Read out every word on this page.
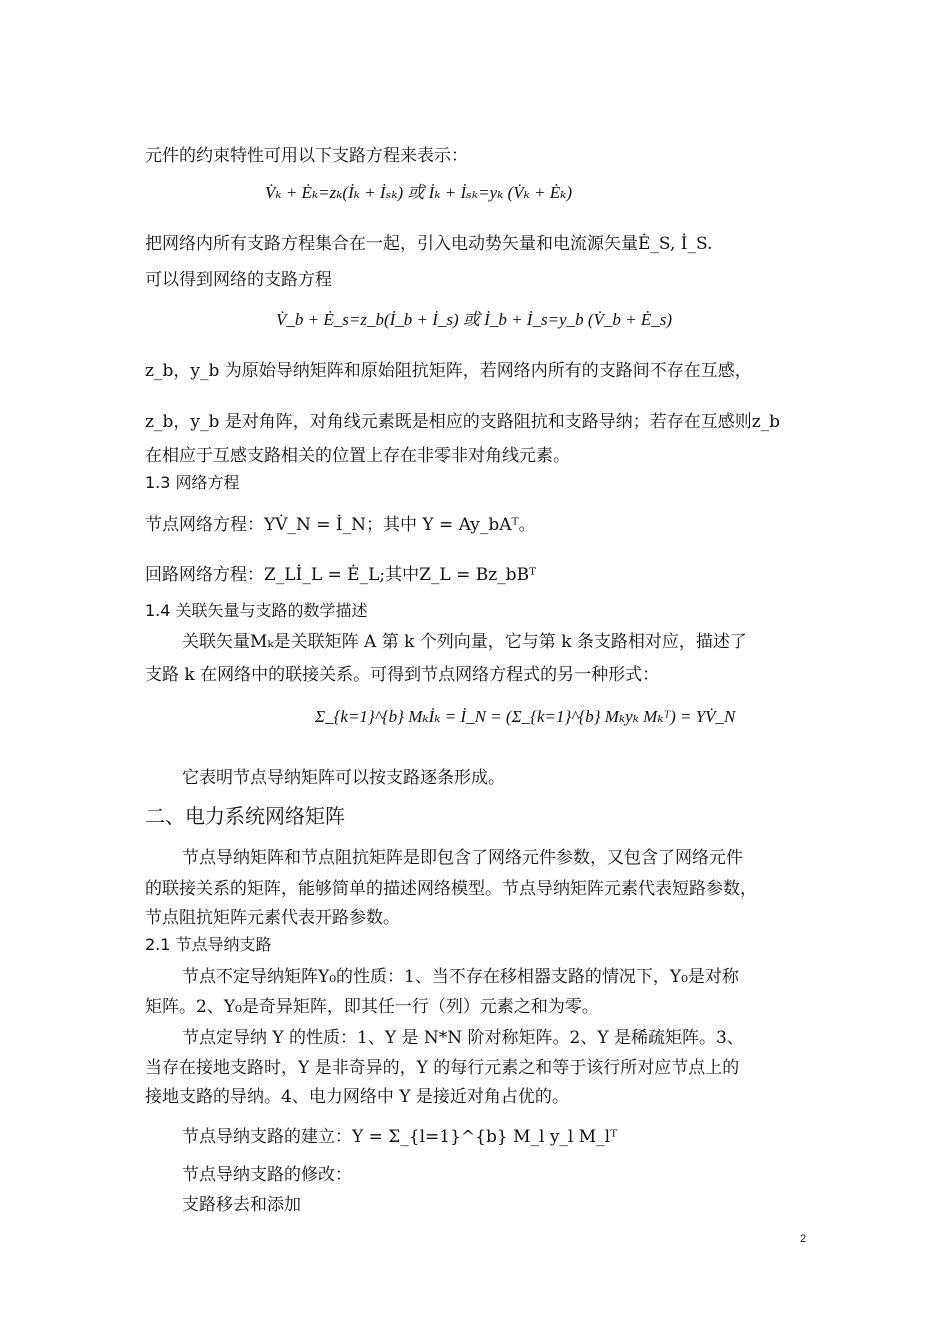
元件的约束特性可用以下支路方程来表示：
V̇ₖ + Ėₖ=zₖ(İₖ + İₛₖ) 或 İₖ + İₛₖ=yₖ (V̇ₖ + Ėₖ)
把网络内所有支路方程集合在一起，引入电动势矢量和电流源矢量Ė_S, İ_S.
可以得到网络的支路方程
V̇_b + Ė_s=z_b(İ_b + İ_s) 或 İ_b + İ_s=y_b (V̇_b + Ė_s)
z_b，y_b 为原始导纳矩阵和原始阻抗矩阵，若网络内所有的支路间不存在互感，
z_b，y_b 是对角阵，对角线元素既是相应的支路阻抗和支路导纳；若存在互感则z_b
在相应于互感支路相关的位置上存在非零非对角线元素。
1.3 网络方程
节点网络方程：YV̇_N = İ_N；其中 Y = Ay_bAᵀ。
回路网络方程：Z_Lİ_L = Ė_L;其中Z_L = Bz_bBᵀ
1.4 关联矢量与支路的数学描述
关联矢量Mₖ是关联矩阵 A 第 k 个列向量，它与第 k 条支路相对应，描述了
支路 k 在网络中的联接关系。可得到节点网络方程式的另一种形式：
Σ_{k=1}^{b} Mₖİₖ = İ_N = (Σ_{k=1}^{b} Mₖyₖ Mₖᵀ) = YV̇_N
它表明节点导纳矩阵可以按支路逐条形成。
二、电力系统网络矩阵
节点导纳矩阵和节点阻抗矩阵是即包含了网络元件参数，又包含了网络元件
的联接关系的矩阵，能够简单的描述网络模型。节点导纳矩阵元素代表短路参数，
节点阻抗矩阵元素代表开路参数。
2.1 节点导纳支路
节点不定导纳矩阵Y₀的性质：1、当不存在移相器支路的情况下，Y₀是对称
矩阵。2、Y₀是奇异矩阵，即其任一行（列）元素之和为零。
节点定导纳 Y 的性质：1、Y 是 N*N 阶对称矩阵。2、Y 是稀疏矩阵。3、
当存在接地支路时，Y 是非奇异的，Y 的每行元素之和等于该行所对应节点上的
接地支路的导纳。4、电力网络中 Y 是接近对角占优的。
节点导纳支路的建立：Y = Σ_{l=1}^{b} M_l y_l M_lᵀ
节点导纳支路的修改：
支路移去和添加
2
